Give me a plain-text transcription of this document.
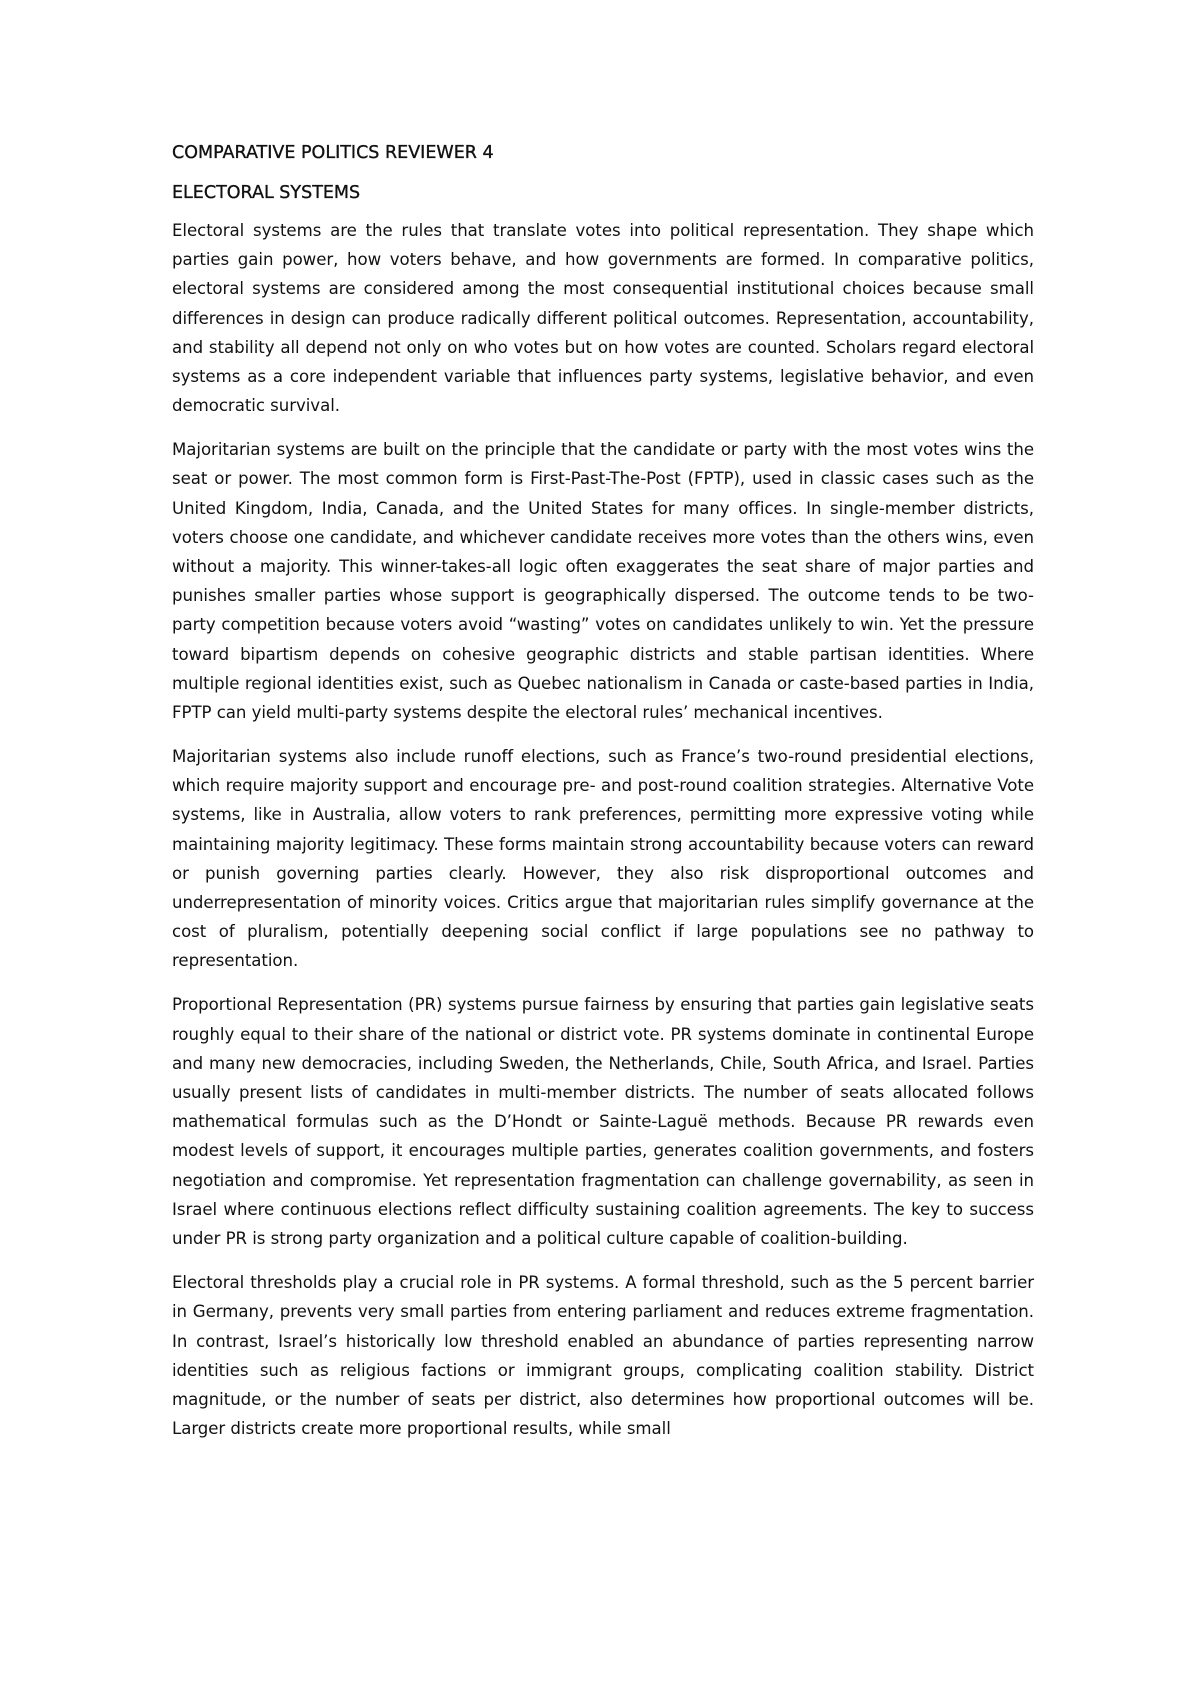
COMPARATIVE POLITICS REVIEWER 4
ELECTORAL SYSTEMS

Electoral systems are the rules that translate votes into political representation. They shape which parties gain power, how voters behave, and how governments are formed. In comparative politics, electoral systems are considered among the most consequential institutional choices because small differences in design can produce radically different political outcomes. Representation, accountability, and stability all depend not only on who votes but on how votes are counted. Scholars regard electoral systems as a core independent variable that influences party systems, legislative behavior, and even democratic survival.

Majoritarian systems are built on the principle that the candidate or party with the most votes wins the seat or power. The most common form is First-Past-The-Post (FPTP), used in classic cases such as the United Kingdom, India, Canada, and the United States for many offices. In single-member districts, voters choose one candidate, and whichever candidate receives more votes than the others wins, even without a majority. This winner-takes-all logic often exaggerates the seat share of major parties and punishes smaller parties whose support is geographically dispersed. The outcome tends to be two-party competition because voters avoid “wasting” votes on candidates unlikely to win. Yet the pressure toward bipartism depends on cohesive geographic districts and stable partisan identities. Where multiple regional identities exist, such as Quebec nationalism in Canada or caste-based parties in India, FPTP can yield multi-party systems despite the electoral rules’ mechanical incentives.

Majoritarian systems also include runoff elections, such as France’s two-round presidential elections, which require majority support and encourage pre- and post-round coalition strategies. Alternative Vote systems, like in Australia, allow voters to rank preferences, permitting more expressive voting while maintaining majority legitimacy. These forms maintain strong accountability because voters can reward or punish governing parties clearly. However, they also risk disproportional outcomes and underrepresentation of minority voices. Critics argue that majoritarian rules simplify governance at the cost of pluralism, potentially deepening social conflict if large populations see no pathway to representation.

Proportional Representation (PR) systems pursue fairness by ensuring that parties gain legislative seats roughly equal to their share of the national or district vote. PR systems dominate in continental Europe and many new democracies, including Sweden, the Netherlands, Chile, South Africa, and Israel. Parties usually present lists of candidates in multi-member districts. The number of seats allocated follows mathematical formulas such as the D’Hondt or Sainte-Laguë methods. Because PR rewards even modest levels of support, it encourages multiple parties, generates coalition governments, and fosters negotiation and compromise. Yet representation fragmentation can challenge governability, as seen in Israel where continuous elections reflect difficulty sustaining coalition agreements. The key to success under PR is strong party organization and a political culture capable of coalition-building.

Electoral thresholds play a crucial role in PR systems. A formal threshold, such as the 5 percent barrier in Germany, prevents very small parties from entering parliament and reduces extreme fragmentation. In contrast, Israel’s historically low threshold enabled an abundance of parties representing narrow identities such as religious factions or immigrant groups, complicating coalition stability. District magnitude, or the number of seats per district, also determines how proportional outcomes will be. Larger districts create more proportional results, while small
